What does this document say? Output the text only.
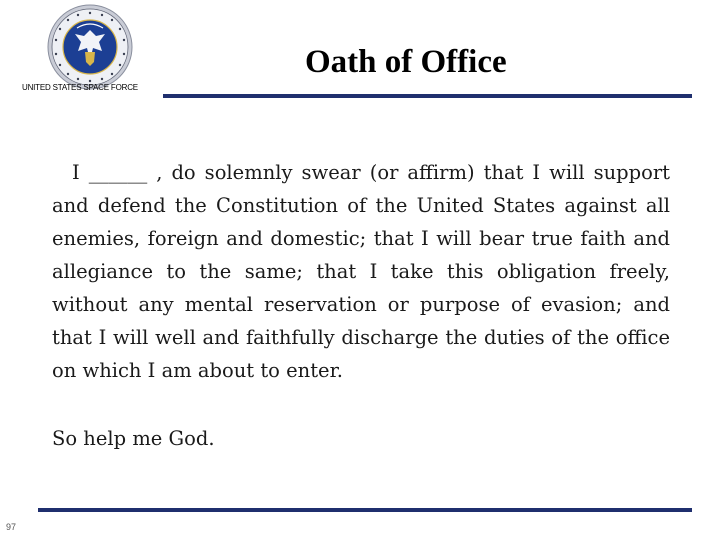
UNITED STATES SPACE FORCE
Oath of Office
I ______ , do solemnly swear (or affirm) that I will support and defend the Constitution of the United States against all enemies, foreign and domestic; that I will bear true faith and allegiance to the same; that I take this obligation freely, without any mental reservation or purpose of evasion; and that I will well and faithfully discharge the duties of the office on which I am about to enter.
So help me God.
97
